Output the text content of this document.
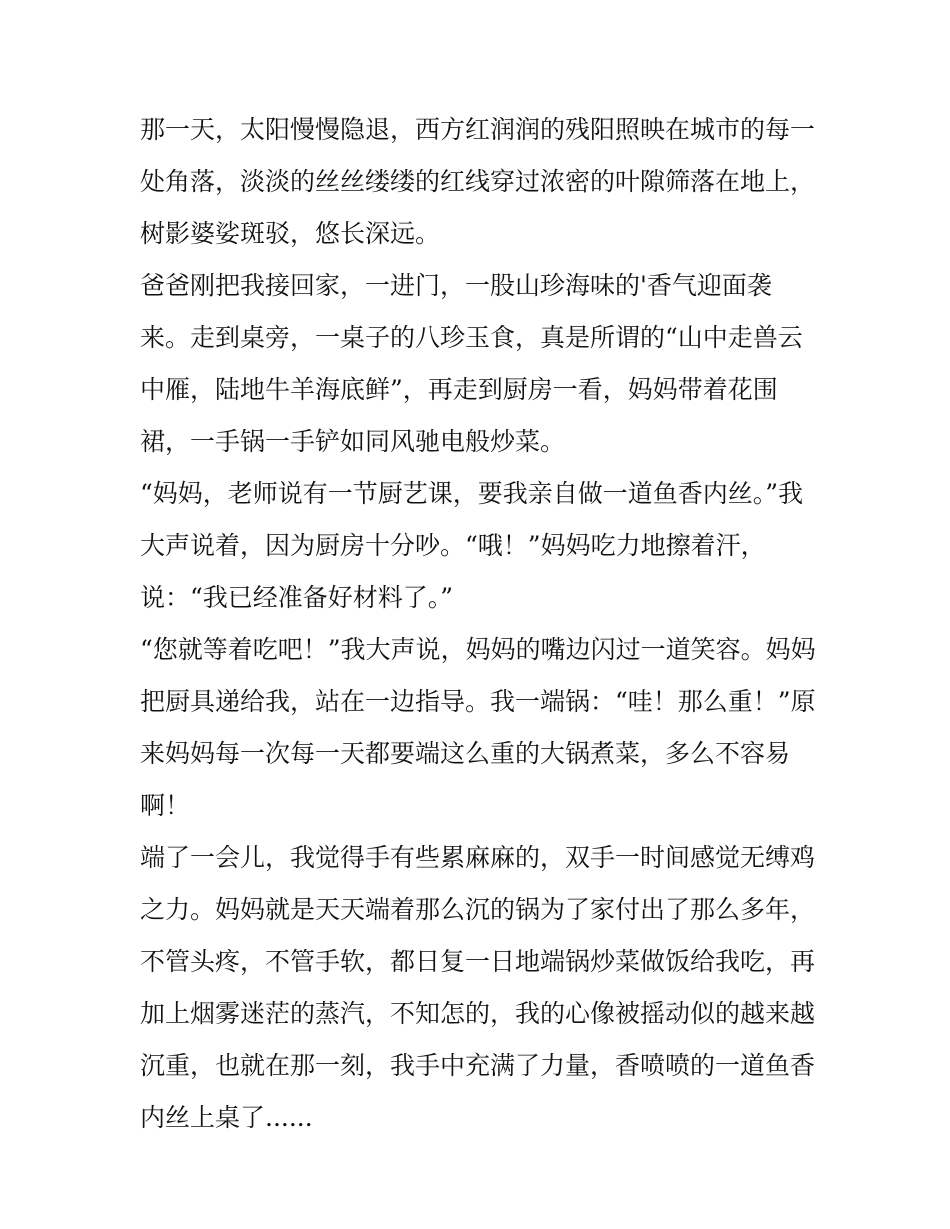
那一天，太阳慢慢隐退，西方红润润的残阳照映在城市的每一
处角落，淡淡的丝丝缕缕的红线穿过浓密的叶隙筛落在地上，
树影婆娑斑驳，悠长深远。
爸爸刚把我接回家，一进门，一股山珍海味的'香气迎面袭
来。走到桌旁，一桌子的八珍玉食，真是所谓的“山中走兽云
中雁，陆地牛羊海底鲜”，再走到厨房一看，妈妈带着花围
裙，一手锅一手铲如同风驰电般炒菜。
“妈妈，老师说有一节厨艺课，要我亲自做一道鱼香内丝。”我
大声说着，因为厨房十分吵。“哦！”妈妈吃力地擦着汗，
说：“我已经准备好材料了。”
“您就等着吃吧！”我大声说，妈妈的嘴边闪过一道笑容。妈妈
把厨具递给我，站在一边指导。我一端锅：“哇！那么重！”原
来妈妈每一次每一天都要端这么重的大锅煮菜，多么不容易
啊！
端了一会儿，我觉得手有些累麻麻的，双手一时间感觉无缚鸡
之力。妈妈就是天天端着那么沉的锅为了家付出了那么多年，
不管头疼，不管手软，都日复一日地端锅炒菜做饭给我吃，再
加上烟雾迷茫的蒸汽，不知怎的，我的心像被摇动似的越来越
沉重，也就在那一刻，我手中充满了力量，香喷喷的一道鱼香
内丝上桌了......
